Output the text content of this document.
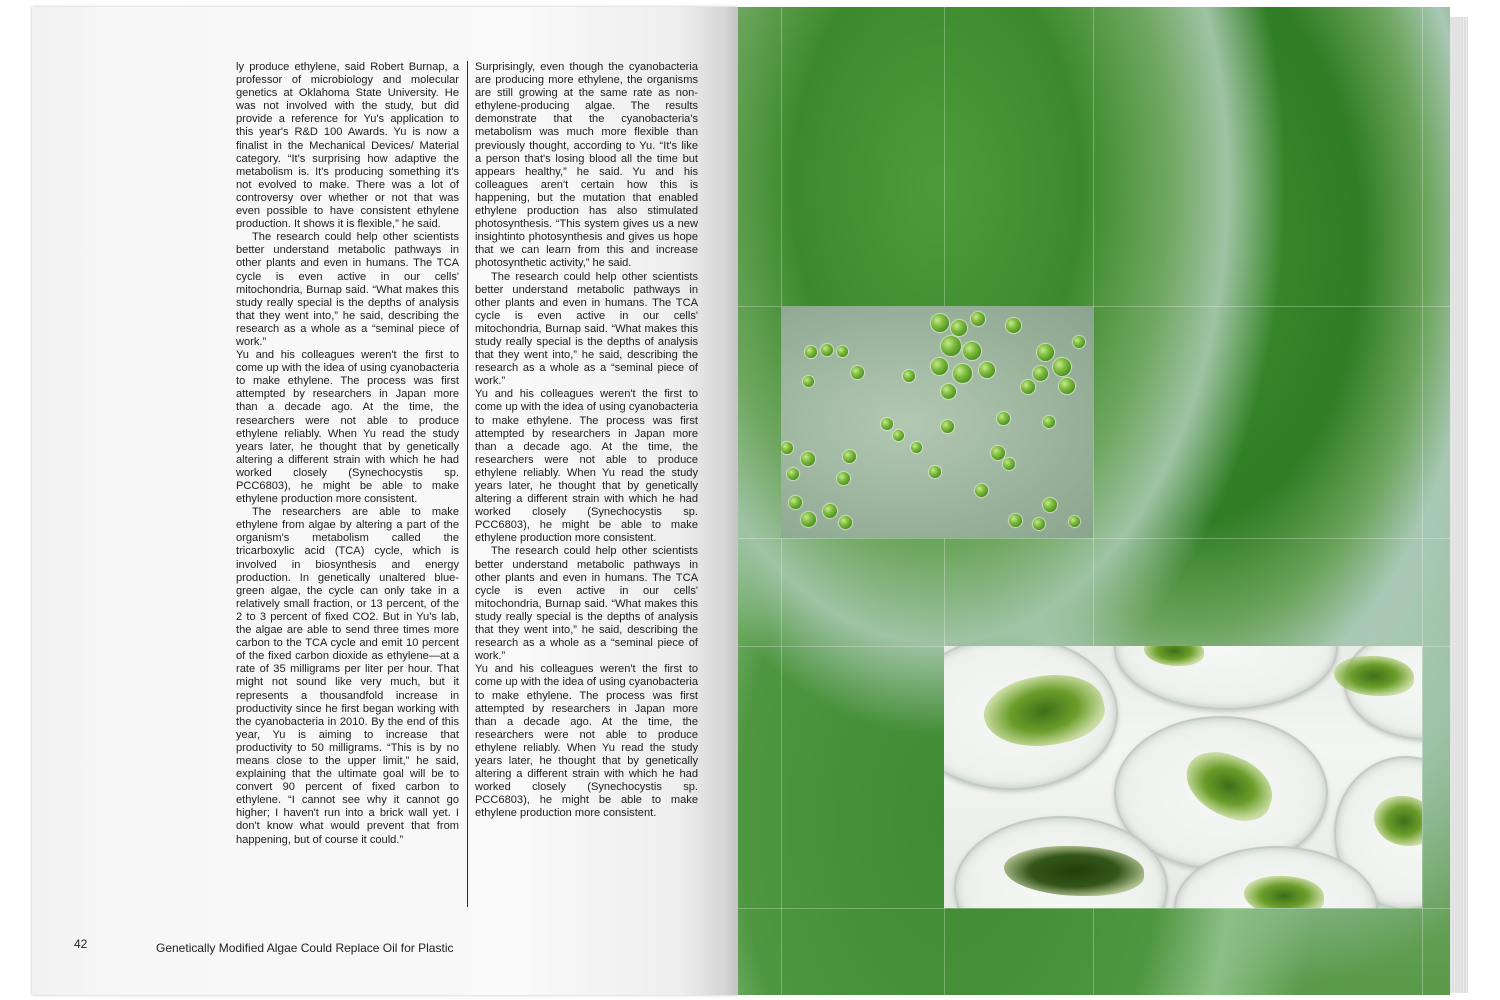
ly produce ethylene, said Robert Burnap, a professor of microbiology and molecular genetics at Oklahoma State University. He was not involved with the study, but did provide a reference for Yu's application to this year's R&D 100 Awards. Yu is now a finalist in the Mechanical Devices/ Material category. “It's surprising how adaptive the metabolism is. It's producing something it's not evolved to make. There was a lot of controversy over whether or not that was even possible to have consistent ethylene production. It shows it is flexible,” he said.

The research could help other scientists better understand metabolic pathways in other plants and even in humans. The TCA cycle is even active in our cells' mitochondria, Burnap said. “What makes this study really special is the depths of analysis that they went into,” he said, describing the research as a whole as a “seminal piece of work.”

Yu and his colleagues weren't the first to come up with the idea of using cyanobacteria to make ethylene. The process was first attempted by researchers in Japan more than a decade ago. At the time, the researchers were not able to produce ethylene reliably. When Yu read the study years later, he thought that by genetically altering a different strain with which he had worked closely (Synechocystis sp. PCC6803), he might be able to make ethylene production more consistent.

The researchers are able to make ethylene from algae by altering a part of the organism's metabolism called the tricarboxylic acid (TCA) cycle, which is involved in biosynthesis and energy production. In genetically unaltered blue-green algae, the cycle can only take in a relatively small fraction, or 13 percent, of the 2 to 3 percent of fixed CO2. But in Yu's lab, the algae are able to send three times more carbon to the TCA cycle and emit 10 percent of the fixed carbon dioxide as ethylene—at a rate of 35 milligrams per liter per hour. That might not sound like very much, but it represents a thousandfold increase in productivity since he first began working with the cyanobacteria in 2010. By the end of this year, Yu is aiming to increase that productivity to 50 milligrams. “This is by no means close to the upper limit,” he said, explaining that the ultimate goal will be to convert 90 percent of fixed carbon to ethylene. “I cannot see why it cannot go higher; I haven't run into a brick wall yet. I don't know what would prevent that from happening, but of course it could.”

Surprisingly, even though the cyanobacteria are producing more ethylene, the organisms are still growing at the same rate as non-ethylene-producing algae. The results demonstrate that the cyanobacteria's metabolism was much more flexible than previously thought, according to Yu. “It's like a person that's losing blood all the time but appears healthy,” he said. Yu and his colleagues aren't certain how this is happening, but the mutation that enabled ethylene production has also stimulated photosynthesis. “This system gives us a new insightinto photosynthesis and gives us hope that we can learn from this and increase photosynthetic activity,” he said.

The research could help other scientists better understand metabolic pathways in other plants and even in humans. The TCA cycle is even active in our cells' mitochondria, Burnap said. “What makes this study really special is the depths of analysis that they went into,” he said, describing the research as a whole as a “seminal piece of work.”

Yu and his colleagues weren't the first to come up with the idea of using cyanobacteria to make ethylene. The process was first attempted by researchers in Japan more than a decade ago. At the time, the researchers were not able to produce ethylene reliably. When Yu read the study years later, he thought that by genetically altering a different strain with which he had worked closely (Synechocystis sp. PCC6803), he might be able to make ethylene production more consistent.

The research could help other scientists better understand metabolic pathways in other plants and even in humans. The TCA cycle is even active in our cells' mitochondria, Burnap said. “What makes this study really special is the depths of analysis that they went into,” he said, describing the research as a whole as a “seminal piece of work.”

Yu and his colleagues weren't the first to come up with the idea of using cyanobacteria to make ethylene. The process was first attempted by researchers in Japan more than a decade ago. At the time, the researchers were not able to produce ethylene reliably. When Yu read the study years later, he thought that by genetically altering a different strain with which he had worked closely (Synechocystis sp. PCC6803), he might be able to make ethylene production more consistent.

42	Genetically Modified Algae Could Replace Oil for Plastic
